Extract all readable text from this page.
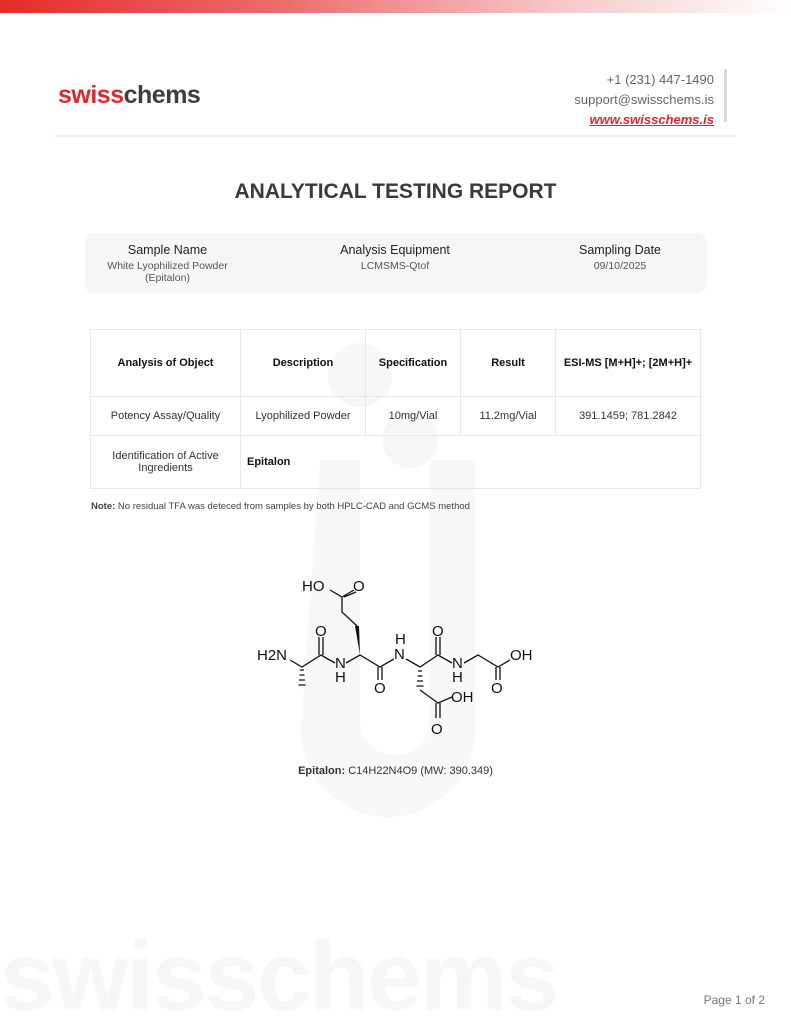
swisschems
swisschems
+1 (231) 447-1490
support@swisschems.is
www.swisschems.is
ANALYTICAL TESTING REPORT
Sample Name
White Lyophilized Powder (Epitalon)
Analysis Equipment
LCMSMS-Qtof
Sampling Date
09/10/2025
Analysis of Object	Description	Specification	Result	ESI-MS [M+H]+; [2M+H]+
Potency Assay/Quality	Lyophilized Powder	10mg/Vial	11.2mg/Vial	391.1459; 781.2842
Identification of Active Ingredients	Epitalon			
Note: No residual TFA was deteced from samples by both HPLC-CAD and GCMS method
HO O
O
H2N	N
H
O
H
N
O
N
H
OH
O
OH
O
Epitalon: C14H22N4O9 (MW: 390.349)
Page 1 of 2
